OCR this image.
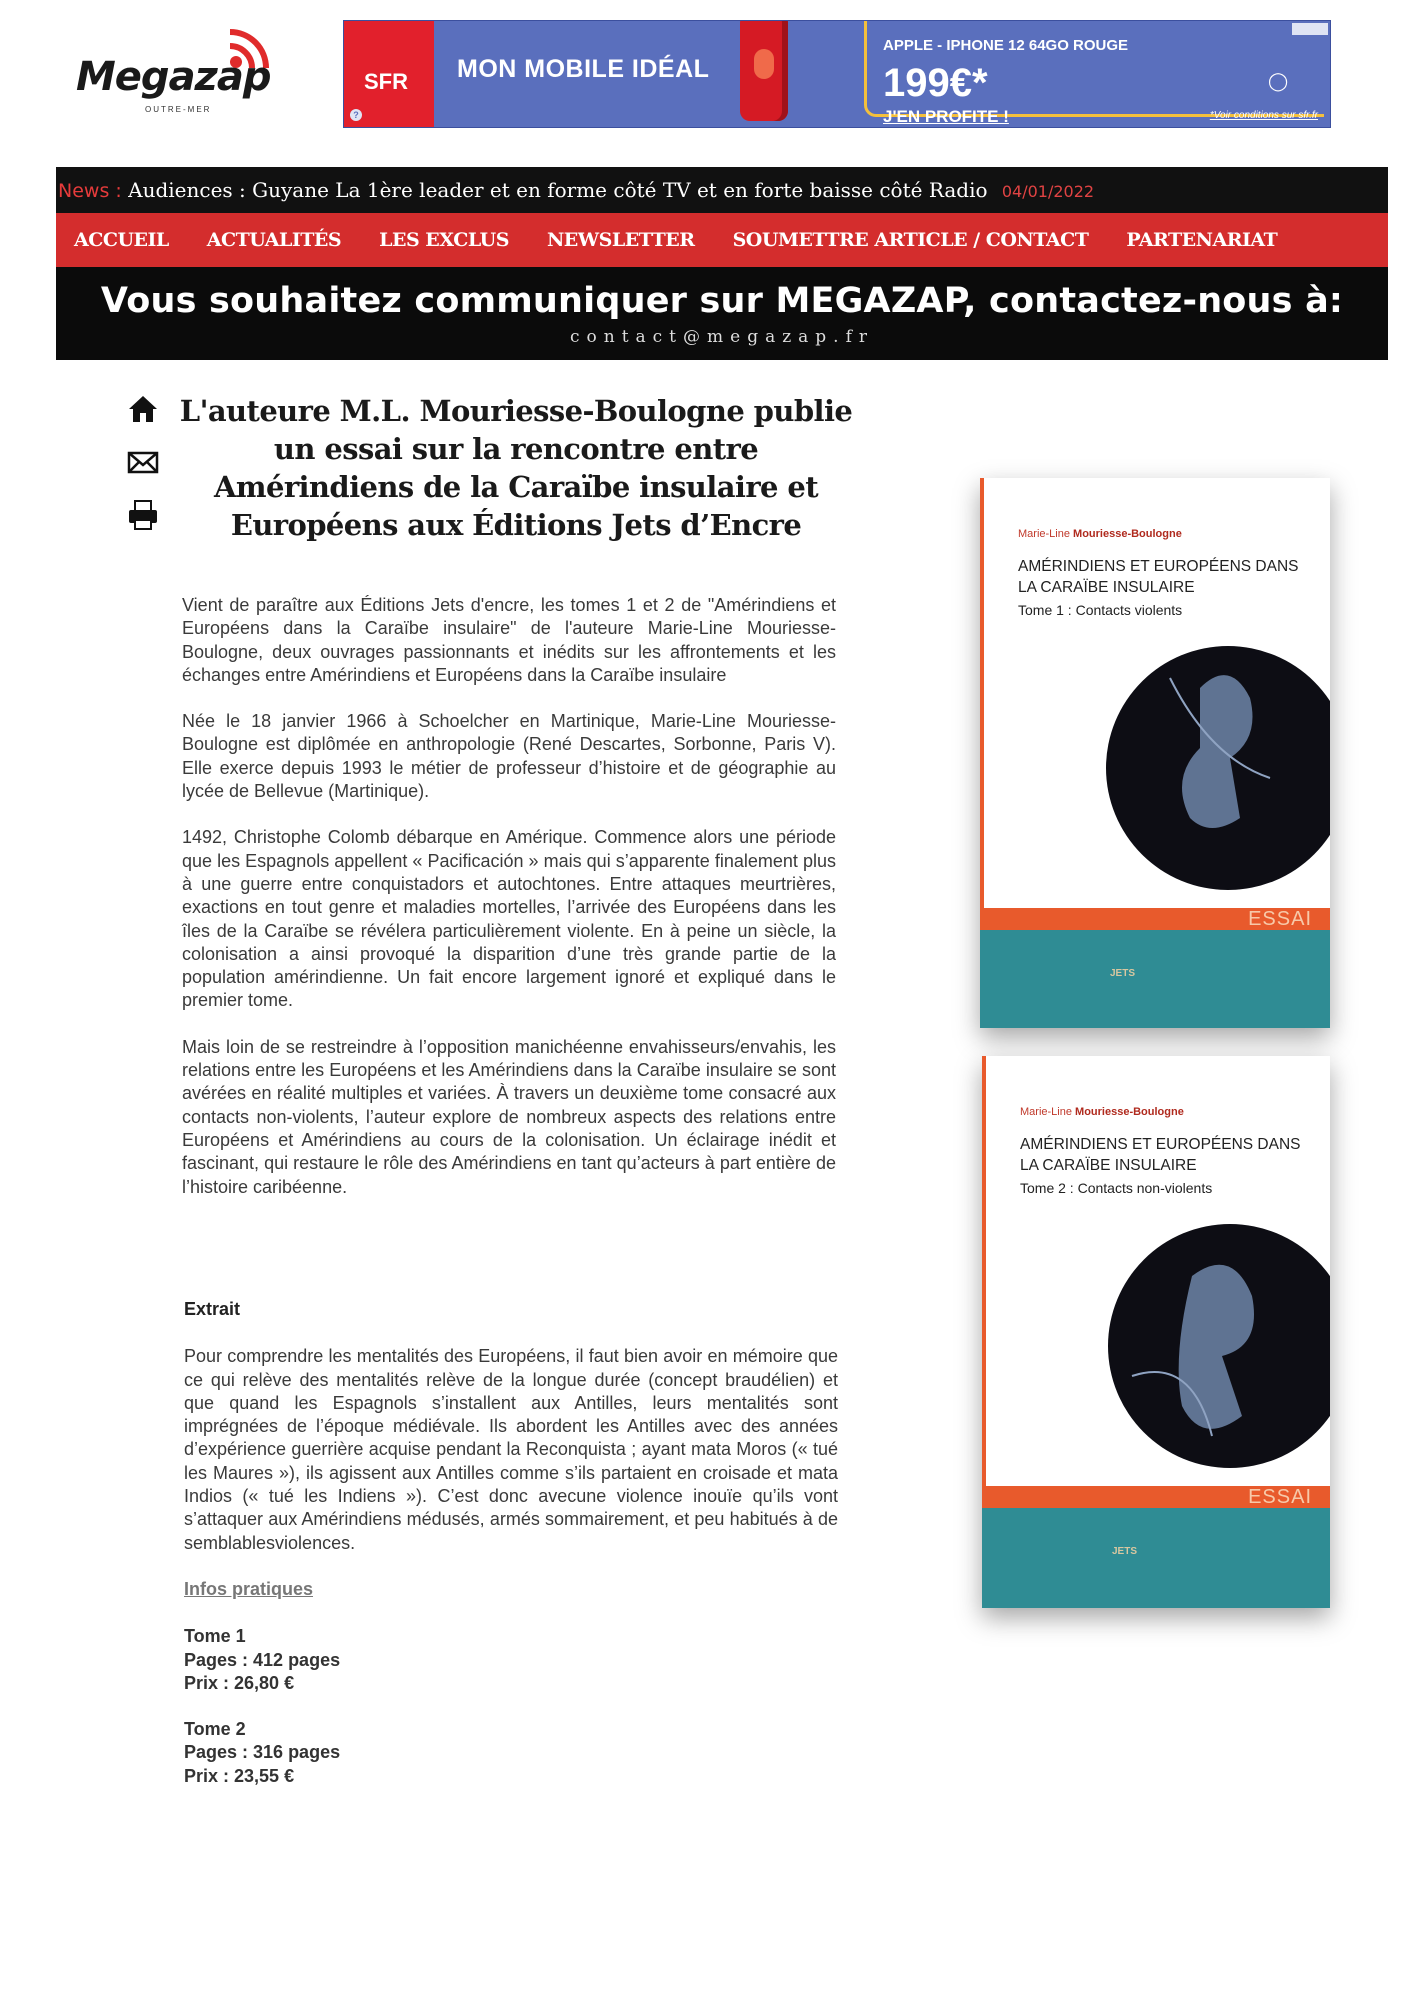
Megazap
OUTRE-MER
SFR
?
MON MOBILE IDÉAL
APPLE - IPHONE 12 64GO ROUGE
199€*
J'EN PROFITE !
◯
*Voir conditions sur sfr.fr
News : Audiences : Guyane La 1ère leader et en forme côté TV et en forte baisse côté Radio 04/01/2022
ACCUEIL ACTUALITÉS LES EXCLUS NEWSLETTER SOUMETTRE ARTICLE / CONTACT PARTENARIAT
Vous souhaitez communiquer sur MEGAZAP, contactez-nous à:
contact@megazap.fr
L'auteure M.L. Mouriesse-Boulogne publie un essai sur la rencontre entre Amérindiens de la Caraïbe insulaire et Européens aux Éditions Jets d’Encre

Vient de paraître aux Éditions Jets d'encre, les tomes 1 et 2 de "Amérindiens et Européens dans la Caraïbe insulaire" de l'auteure Marie-Line Mouriesse-Boulogne, deux ouvrages passionnants et inédits sur les affrontements et les échanges entre Amérindiens et Européens dans la Caraïbe insulaire

Née le 18 janvier 1966 à Schoelcher en Martinique, Marie-Line Mouriesse-Boulogne est diplômée en anthropologie (René Descartes, Sorbonne, Paris V). Elle exerce depuis 1993 le métier de professeur d’histoire et de géographie au lycée de Bellevue (Martinique).

1492, Christophe Colomb débarque en Amérique. Commence alors une période que les Espagnols appellent « Pacificación » mais qui s’apparente finalement plus à une guerre entre conquistadors et autochtones. Entre attaques meurtrières, exactions en tout genre et maladies mortelles, l’arrivée des Européens dans les îles de la Caraïbe se révélera particulièrement violente. En à peine un siècle, la colonisation a ainsi provoqué la disparition d’une très grande partie de la population amérindienne. Un fait encore largement ignoré et expliqué dans le premier tome.

Mais loin de se restreindre à l’opposition manichéenne envahisseurs/envahis, les relations entre les Européens et les Amérindiens dans la Caraïbe insulaire se sont avérées en réalité multiples et variées. À travers un deuxième tome consacré aux contacts non-violents, l’auteur explore de nombreux aspects des relations entre Européens et Amérindiens au cours de la colonisation. Un éclairage inédit et fascinant, qui restaure le rôle des Amérindiens en tant qu’acteurs à part entière de l’histoire caribéenne.

Extrait

Pour comprendre les mentalités des Européens, il faut bien avoir en mémoire que ce qui relève des mentalités relève de la longue durée (concept braudélien) et que quand les Espagnols s’installent aux Antilles, leurs mentalités sont imprégnées de l’époque médiévale. Ils abordent les Antilles avec des années d’expérience guerrière acquise pendant la Reconquista ; ayant mata Moros (« tué les Maures »), ils agissent aux Antilles comme s’ils partaient en croisade et mata Indios (« tué les Indiens »). C’est donc avecune violence inouïe qu’ils vont s’attaquer aux Amérindiens médusés, armés sommairement, et peu habitués à de semblablesviolences.

Infos pratiques
Tome 1
Pages : 412 pages
Prix : 26,80 €
Tome 2
Pages : 316 pages
Prix : 23,55 €
Marie-Line Mouriesse-Boulogne
AMÉRINDIENS ET EUROPÉENS DANS LA CARAÏBE INSULAIRE
Tome 1 : Contacts violents
ESSAI
JETS
Marie-Line Mouriesse-Boulogne
AMÉRINDIENS ET EUROPÉENS DANS LA CARAÏBE INSULAIRE
Tome 2 : Contacts non-violents
ESSAI
JETS
